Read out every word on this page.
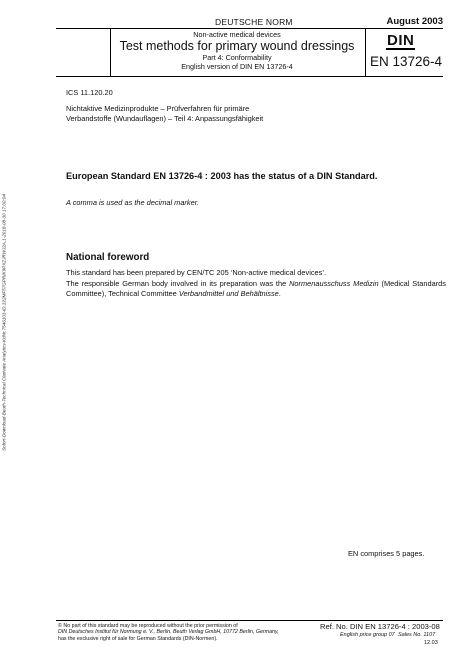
DEUTSCHE NORM	August 2003
Non-active medical devices
Test methods for primary wound dressings
Part 4: Conformability
English version of DIN EN 13726-4
DIN
EN 13726-4
ICS 11.120.20
Nichtaktive Medizinprodukte – Prüfverfahren für primäre
Verbandstoffe (Wundauflagen) – Teil 4: Anpassungsfähigkeit
European Standard EN 13726-4 : 2003 has the status of a DIN Standard.
A comma is used as the decimal marker.
National foreword
This standard has been prepared by CEN/TC 205 ‘Non-active medical devices’.
The responsible German body involved in its preparation was the Normenausschuss Medizin (Medical Standards Committee), Technical Committee Verbandmittel und Behältnisse.
EN comprises 5 pages.
© No part of this standard may be reproduced without the prior permission of
DIN Deutsches Institut für Normung e. V., Berlin. Beuth Verlag GmbH, 10772 Berlin, Germany,
has the exclusive right of sale for German Standards (DIN-Normen).
Ref. No. DIN EN 13726-4 : 2003-08
English price group 07 Sales No. 1107
12.03
Sofort-Download-Beuth-Technical Clarivate Analytics-KdNr.7546103-ID.322MF57GPRIK9PXZJRWJ2A.1-2018-08-30 17:00:04
